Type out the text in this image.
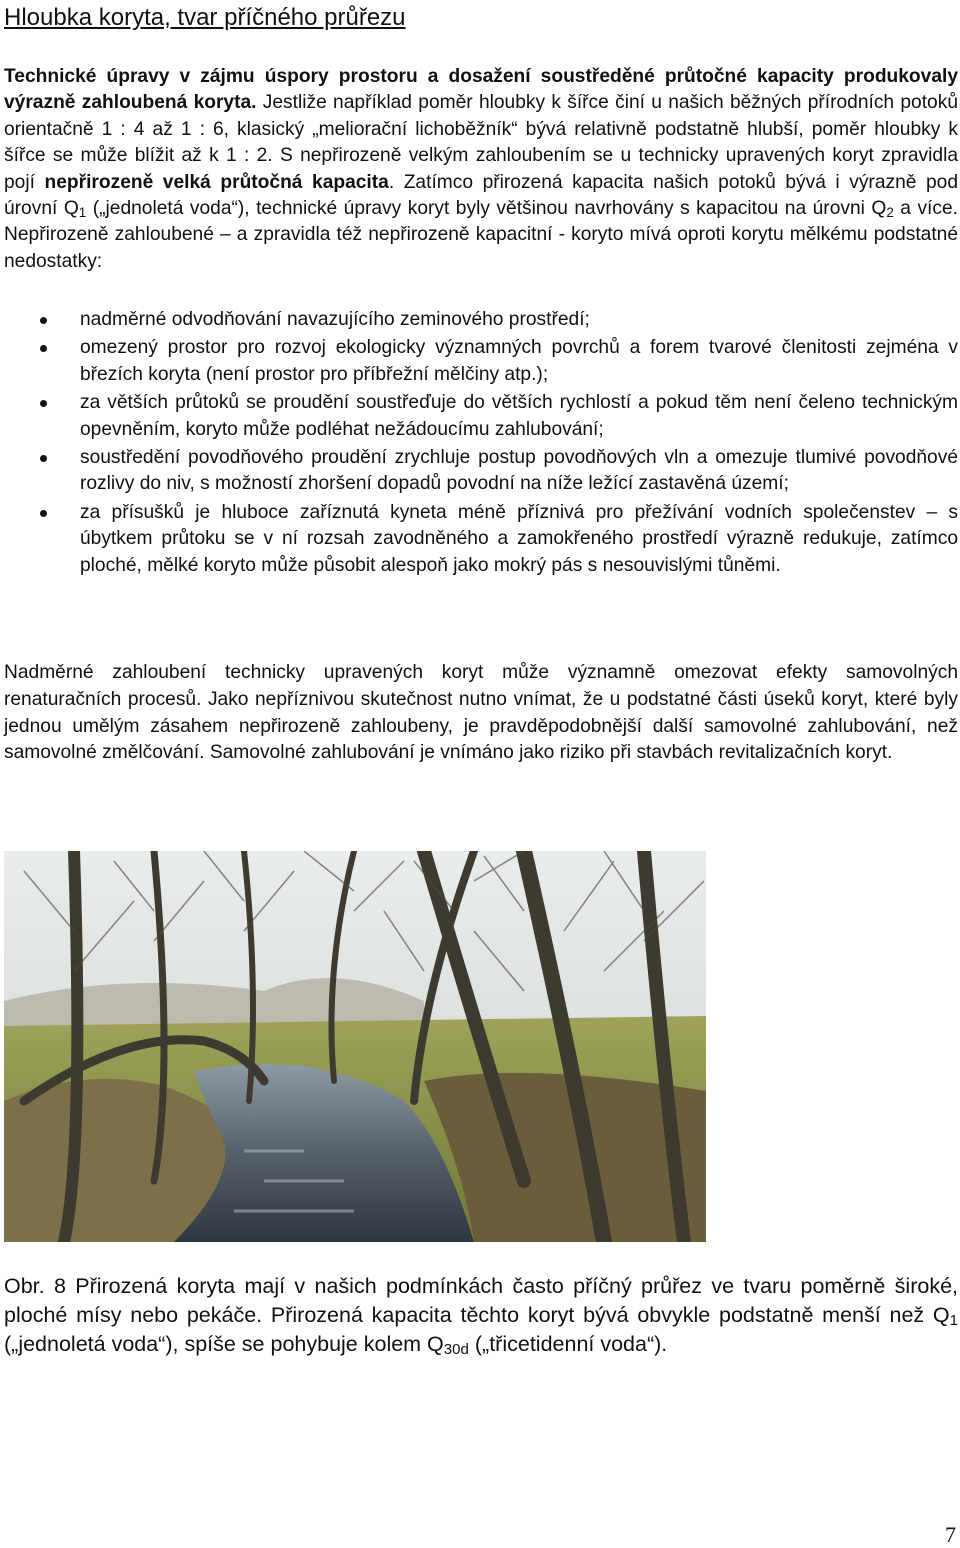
Hloubka koryta, tvar příčného průřezu
Technické úpravy v zájmu úspory prostoru a dosažení soustředěné průtočné kapacity produkovaly výrazně zahloubená koryta. Jestliže například poměr hloubky k šířce činí u našich běžných přírodních potoků orientačně 1 : 4 až 1 : 6, klasický „meliorační lichoběžník“ bývá relativně podstatně hlubší, poměr hloubky k šířce se může blížit až k 1 : 2. S nepřirozeně velkým zahloubením se u technicky upravených koryt zpravidla pojí nepřirozeně velká průtočná kapacita. Zatímco přirozená kapacita našich potoků bývá i výrazně pod úrovní $Q_1$ („jednoletá voda“), technické úpravy koryt byly většinou navrhovány s kapacitou na úrovni $Q_2$ a více. Nepřirozeně zahloubené – a zpravidla též nepřirozeně kapacitní - koryto mívá oproti korytu mělkému podstatné nedostatky:
nadměrné odvodňování navazujícího zeminového prostředí;
omezený prostor pro rozvoj ekologicky významných povrchů a forem tvarové členitosti zejména v březích koryta (není prostor pro příbřežní mělčiny atp.);
za větších průtoků se proudění soustřeďuje do větších rychlostí a pokud těm není čeleno technickým opevněním, koryto může podléhat nežádoucímu zahlubování;
soustředění povodňového proudění zrychluje postup povodňových vln a omezuje tlumivé povodňové rozlivy do niv, s možností zhoršení dopadů povodní na níže ležící zastavěná území;
za přísušků je hluboce zaříznutá kyneta méně příznivá pro přežívání vodních společenstev – s úbytkem průtoku se v ní rozsah zavodněného a zamokřeného prostředí výrazně redukuje, zatímco ploché, mělké koryto může působit alespoň jako mokrý pás s nesouvislými tůněmi.
Nadměrné zahloubení technicky upravených koryt může významně omezovat efekty samovolných renaturačních procesů. Jako nepříznivou skutečnost nutno vnímat, že u podstatné části úseků koryt, které byly jednou umělým zásahem nepřirozeně zahloubeny, je pravděpodobnější další samovolné zahlubování, než samovolné změlčování. Samovolné zahlubování je vnímáno jako riziko při stavbách revitalizačních koryt.
Obr. 8 Přirozená koryta mají v našich podmínkách často příčný průřez ve tvaru poměrně široké, ploché mísy nebo pekáče. Přirozená kapacita těchto koryt bývá obvykle podstatně menší než $Q_1$ („jednoletá voda“), spíše se pohybuje kolem $Q_{30d}$ („třicetidenní voda“).
7
